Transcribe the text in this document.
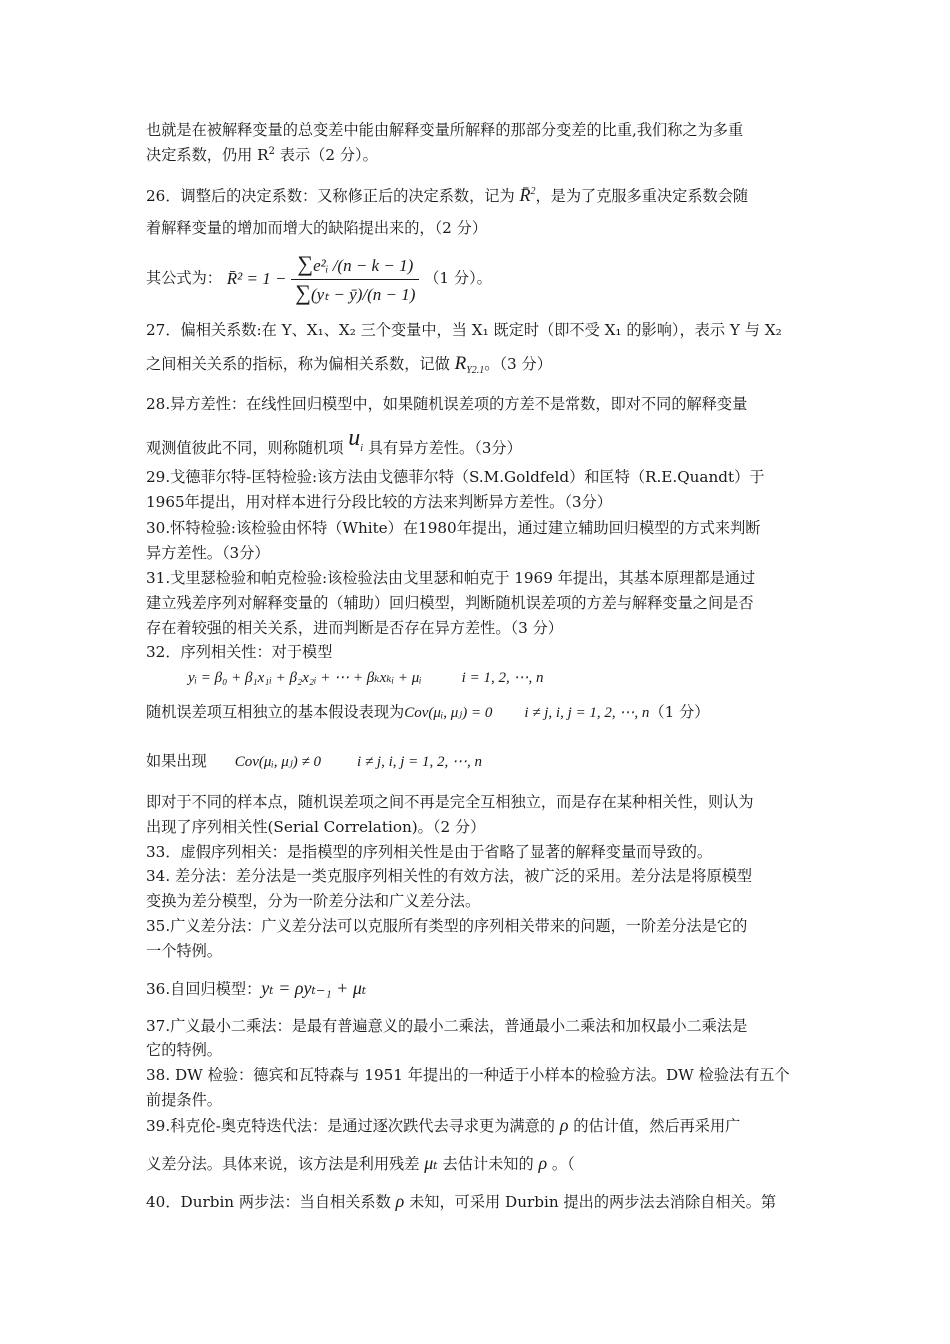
也就是在被解释变量的总变差中能由解释变量所解释的那部分变差的比重,我们称之为多重

决定系数，仍用 $R^2$ 表示（2 分）。

26．调整后的决定系数：又称修正后的决定系数，记为 R̄$^2$，是为了克服多重决定系数会随

着解释变量的增加而增大的缺陷提出来的，（2 分）

其公式为： R̄² = $1 - \frac{\text{∑e²ᵢ /(n − k − 1)}}{\text{∑(yₜ − ȳ)/(n − 1)}} (1$ 分）。

27．偏相关系数:在 Y、X₁、X₂ 三个变量中，当 X₁ 既定时（即不受 X₁ 的影响），表示 Y 与 X₂

之间相关关系的指标，称为偏相关系数，记做 $R_{Y2.1}$。（3 分）

28.异方差性：在线性回归模型中，如果随机误差项的方差不是常数，即对不同的解释变量

观测值彼此不同，则称随机项 $u_i$ 具有异方差性。（3分）

29.戈德菲尔特-匡特检验:该方法由戈德菲尔特（S.M.Goldfeld）和匡特（R.E.Quandt）于

1965年提出，用对样本进行分段比较的方法来判断异方差性。（3分）

30.怀特检验:该检验由怀特（White）在1980年提出，通过建立辅助回归模型的方式来判断

异方差性。（3分）

31.戈里瑟检验和帕克检验:该检验法由戈里瑟和帕克于 1969 年提出，其基本原理都是通过

建立残差序列对解释变量的（辅助）回归模型，判断随机误差项的方差与解释变量之间是否

存在着较强的相关关系，进而判断是否存在异方差性。（3 分）

32．序列相关性：对于模型

yᵢ = β₀ + β₁x₁ᵢ + β₂x₂ᵢ + ⋯ + βₖxₖᵢ + μᵢ	i = 1, 2, ⋯, n

随机误差项互相独立的基本假设表现为Cov(μᵢ, μⱼ) = 0 i ≠ j, i, j = 1, 2, ⋯, n（1 分）

如果出现 Cov(μᵢ, μⱼ) ≠ 0 i ≠ j, i, j = 1, 2, ⋯, n

即对于不同的样本点，随机误差项之间不再是完全互相独立，而是存在某种相关性，则认为

出现了序列相关性(Serial Correlation)。（2 分）

33．虚假序列相关：是指模型的序列相关性是由于省略了显著的解释变量而导致的。

34. 差分法：差分法是一类克服序列相关性的有效方法，被广泛的采用。差分法是将原模型

变换为差分模型，分为一阶差分法和广义差分法。

35.广义差分法：广义差分法可以克服所有类型的序列相关带来的问题，一阶差分法是它的

一个特例。

36.自回归模型：yₜ = ρyₜ₋₁ + μₜ

37.广义最小二乘法：是最有普遍意义的最小二乘法，普通最小二乘法和加权最小二乘法是

它的特例。

38. DW 检验：德宾和瓦特森与 1951 年提出的一种适于小样本的检验方法。DW 检验法有五个

前提条件。

39.科克伦-奥克特迭代法：是通过逐次跌代去寻求更为满意的 ρ 的估计值，然后再采用广

义差分法。具体来说，该方法是利用残差 μₜ 去估计未知的 ρ 。（

40．Durbin 两步法：当自相关系数 ρ 未知，可采用 Durbin 提出的两步法去消除自相关。第
